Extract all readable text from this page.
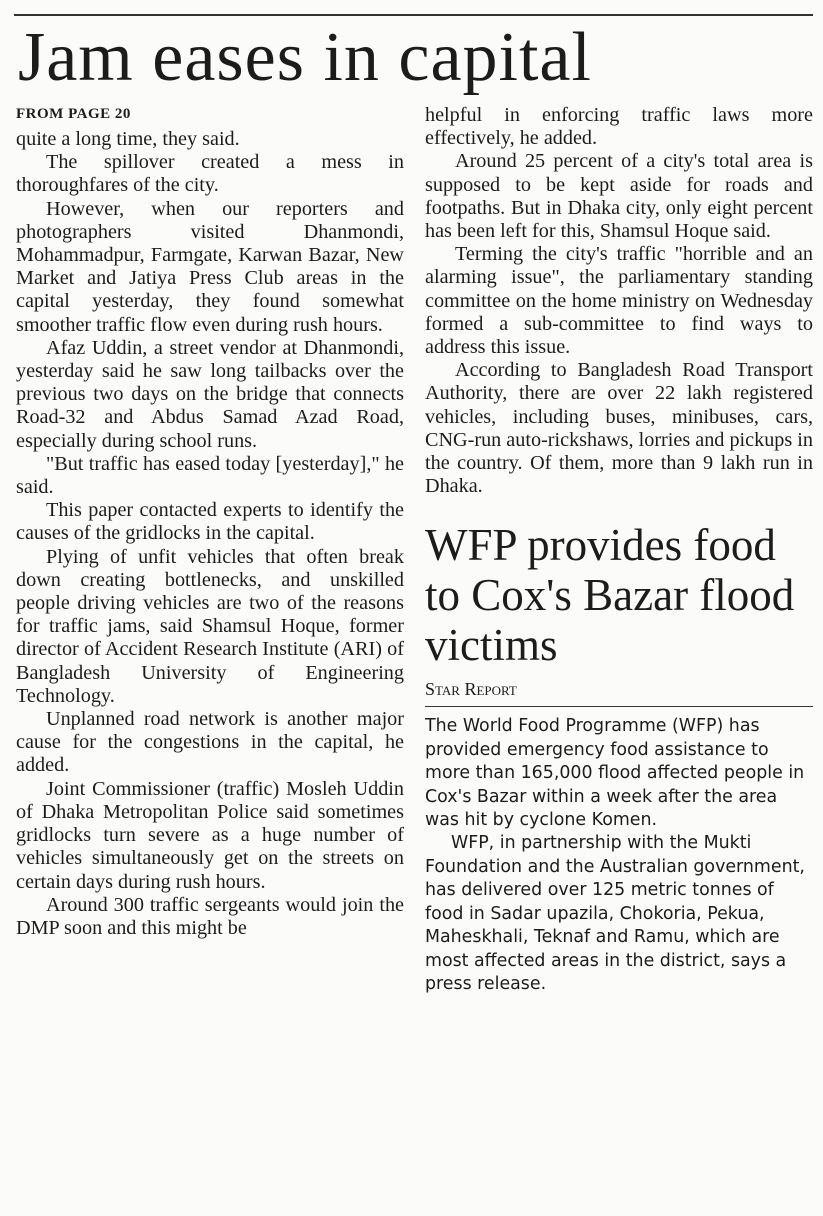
Jam eases in capital
FROM PAGE 20

quite a long time, they said.

The spillover created a mess in thoroughfares of the city.

However, when our reporters and photographers visited Dhanmondi, Mohammadpur, Farmgate, Karwan Bazar, New Market and Jatiya Press Club areas in the capital yesterday, they found somewhat smoother traffic flow even during rush hours.

Afaz Uddin, a street vendor at Dhanmondi, yesterday said he saw long tailbacks over the previous two days on the bridge that connects Road-32 and Abdus Samad Azad Road, especially during school runs.

"But traffic has eased today [yesterday]," he said.

This paper contacted experts to identify the causes of the gridlocks in the capital.

Plying of unfit vehicles that often break down creating bottlenecks, and unskilled people driving vehicles are two of the reasons for traffic jams, said Shamsul Hoque, former director of Accident Research Institute (ARI) of Bangladesh University of Engineering Technology.

Unplanned road network is another major cause for the congestions in the capital, he added.

Joint Commissioner (traffic) Mosleh Uddin of Dhaka Metropolitan Police said sometimes gridlocks turn severe as a huge number of vehicles simultaneously get on the streets on certain days during rush hours.

Around 300 traffic sergeants would join the DMP soon and this might be

helpful in enforcing traffic laws more effectively, he added.

Around 25 percent of a city's total area is supposed to be kept aside for roads and footpaths. But in Dhaka city, only eight percent has been left for this, Shamsul Hoque said.

Terming the city's traffic "horrible and an alarming issue", the parliamentary standing committee on the home ministry on Wednesday formed a sub-committee to find ways to address this issue.

According to Bangladesh Road Transport Authority, there are over 22 lakh registered vehicles, including buses, minibuses, cars, CNG-run auto-rickshaws, lorries and pickups in the country. Of them, more than 9 lakh run in Dhaka.

WFP provides food to Cox's Bazar flood victims
Star Report

The World Food Programme (WFP) has provided emergency food assistance to more than 165,000 flood affected people in Cox's Bazar within a week after the area was hit by cyclone Komen.

WFP, in partnership with the Mukti Foundation and the Australian government, has delivered over 125 metric tonnes of food in Sadar upazila, Chokoria, Pekua, Maheskhali, Teknaf and Ramu, which are most affected areas in the district, says a press release.
